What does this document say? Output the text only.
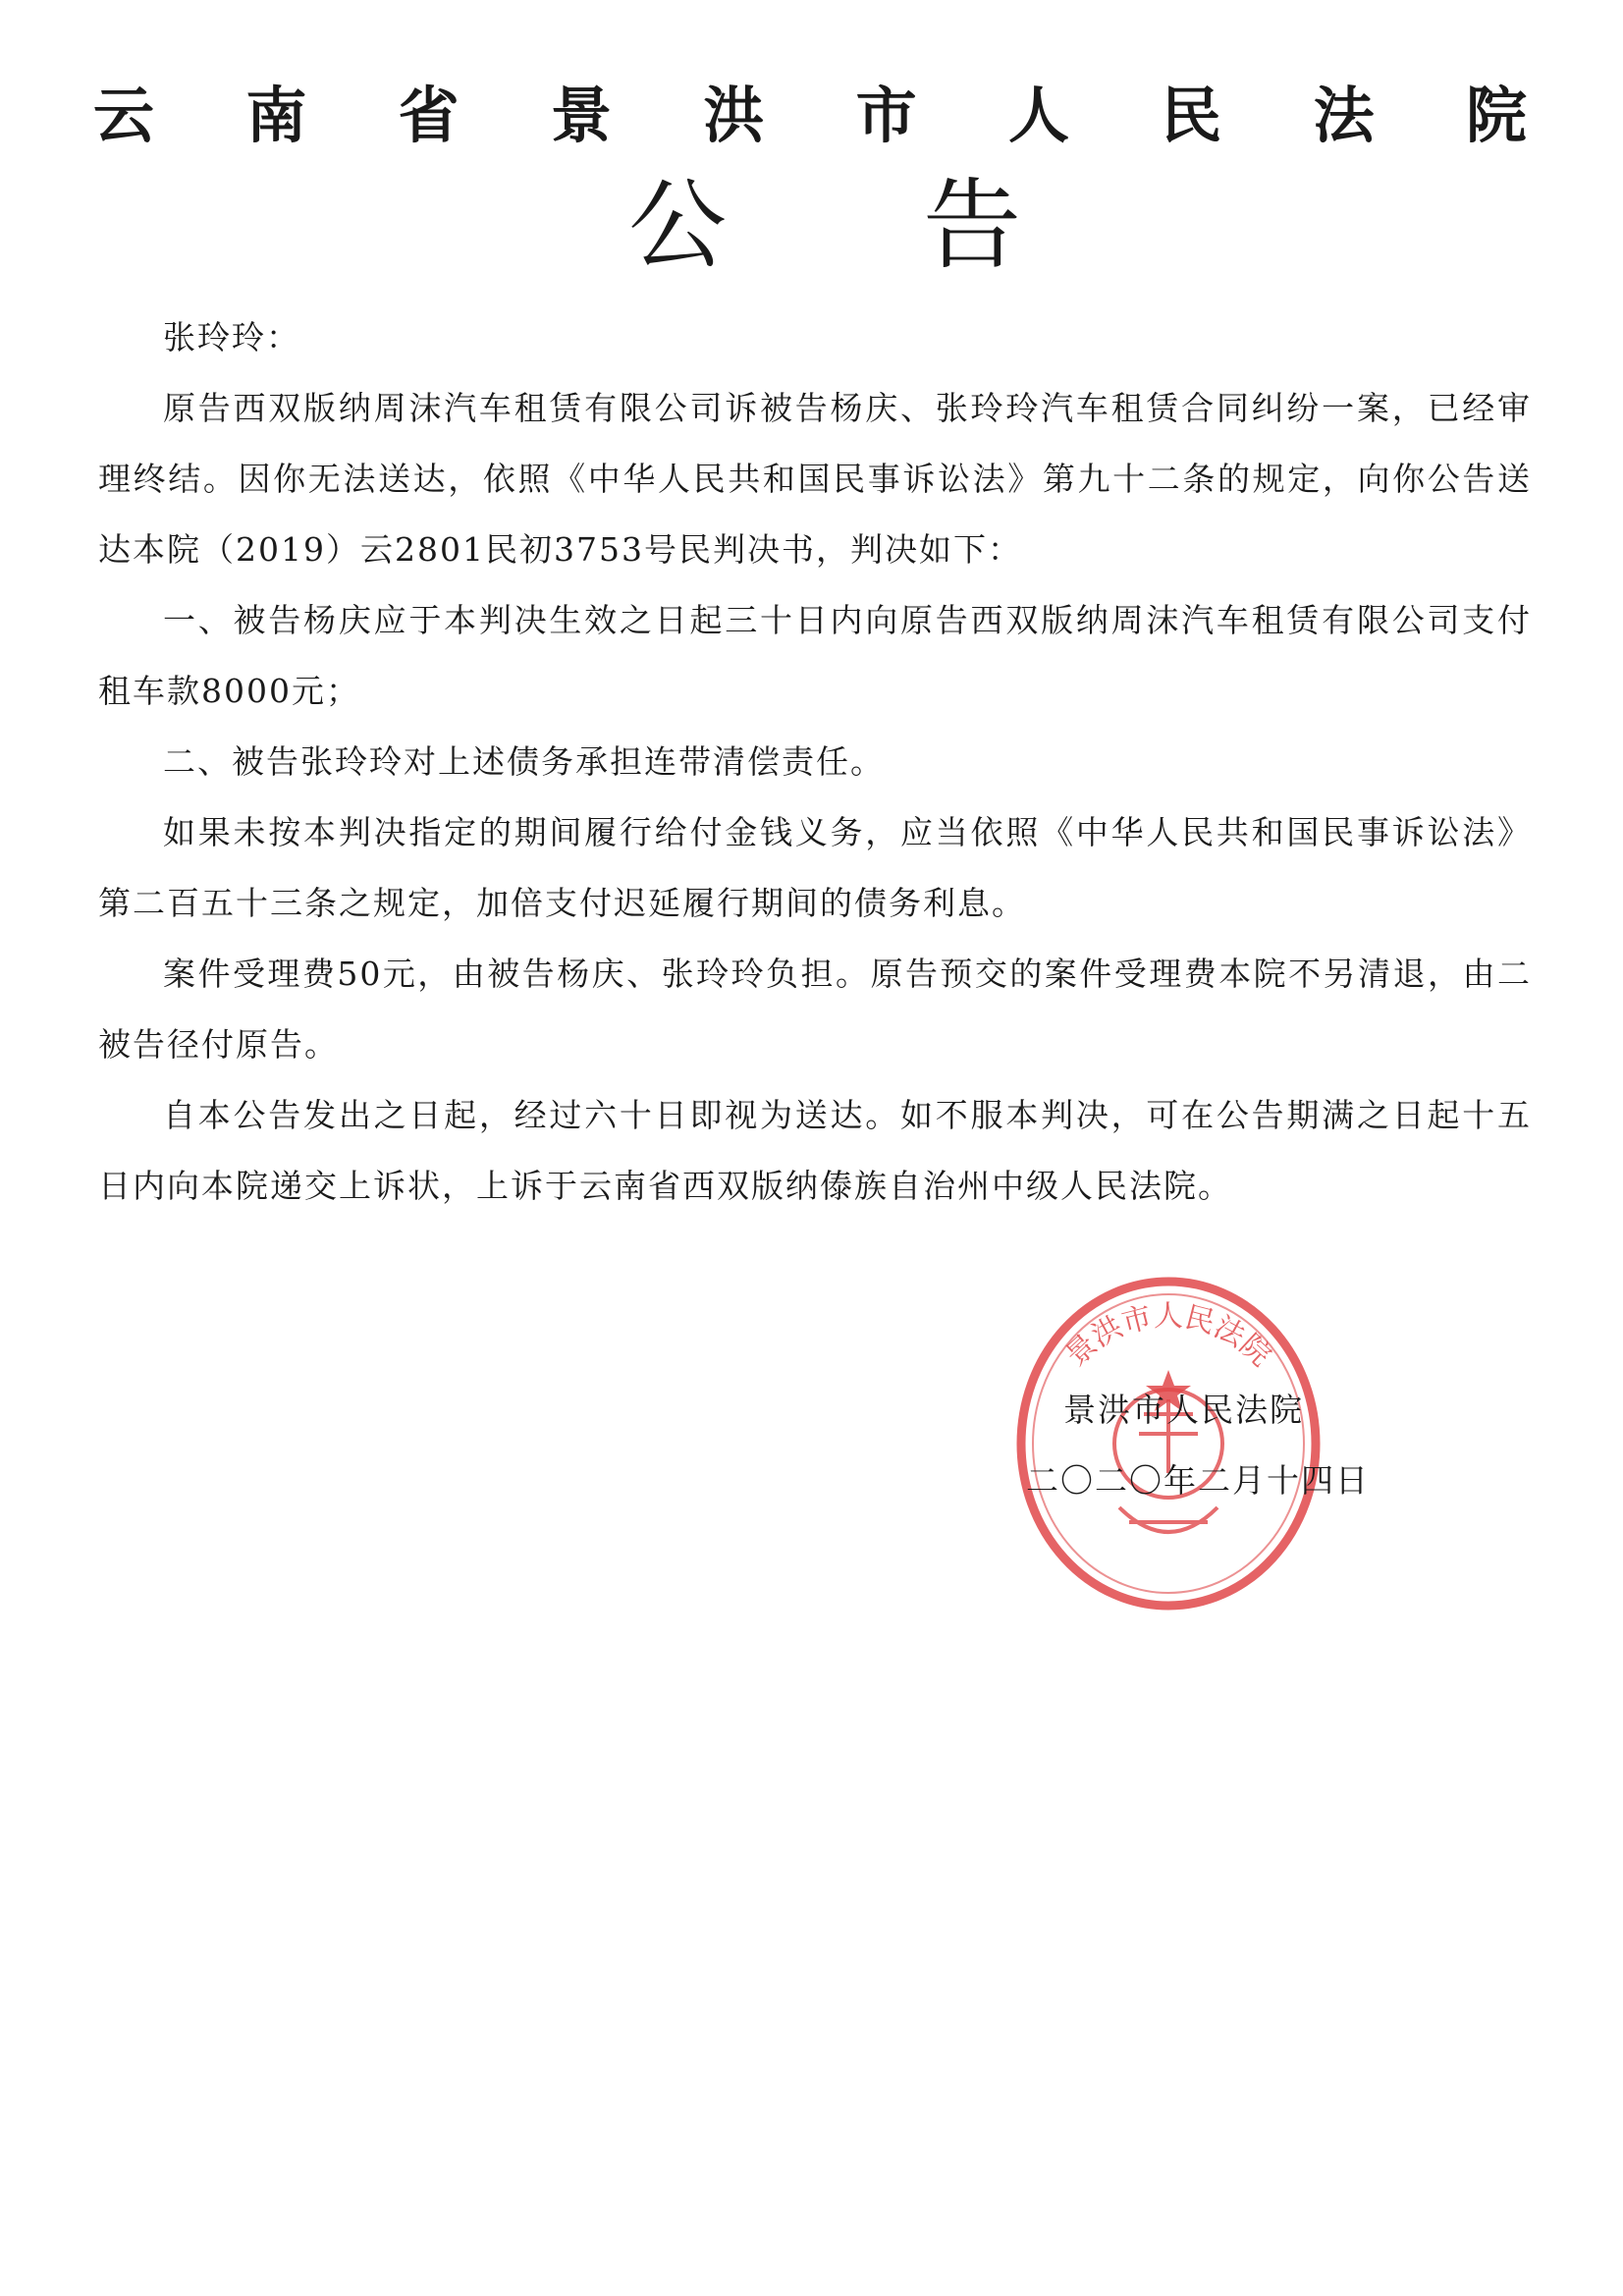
云 南 省 景 洪 市 人 民 法 院
公 告

张玲玲：

原告西双版纳周沫汽车租赁有限公司诉被告杨庆、张玲玲汽车租赁合同纠纷一案，已经审理终结。因你无法送达，依照《中华人民共和国民事诉讼法》第九十二条的规定，向你公告送达本院（2019）云2801民初3753号民判决书，判决如下：

一、被告杨庆应于本判决生效之日起三十日内向原告西双版纳周沫汽车租赁有限公司支付租车款8000元；

二、被告张玲玲对上述债务承担连带清偿责任。

如果未按本判决指定的期间履行给付金钱义务，应当依照《中华人民共和国民事诉讼法》第二百五十三条之规定，加倍支付迟延履行期间的债务利息。

案件受理费50元，由被告杨庆、张玲玲负担。原告预交的案件受理费本院不另清退，由二被告径付原告。

自本公告发出之日起，经过六十日即视为送达。如不服本判决，可在公告期满之日起十五日内向本院递交上诉状，上诉于云南省西双版纳傣族自治州中级人民法院。

景洪市人民法院
景洪市人民法院
二〇二〇年二月十四日
